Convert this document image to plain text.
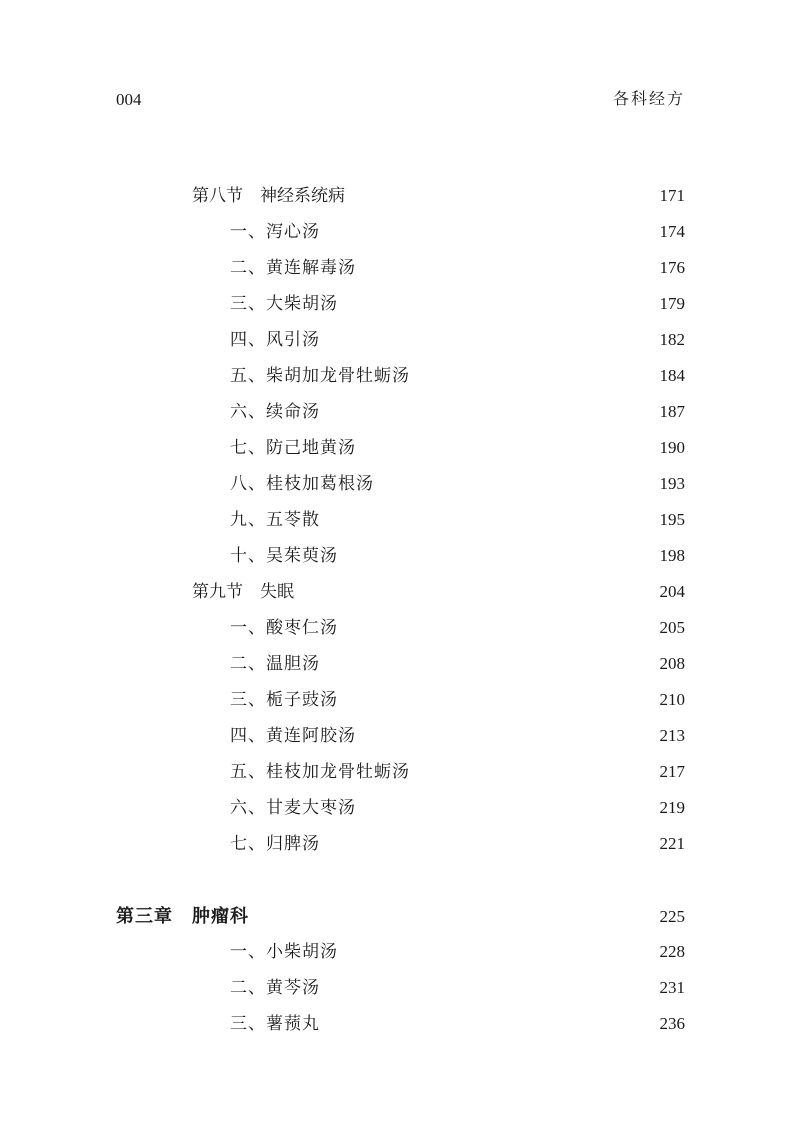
004	各科经方
第八节　神经系统病	171
一、泻心汤	174
二、黄连解毒汤	176
三、大柴胡汤	179
四、风引汤	182
五、柴胡加龙骨牡蛎汤	184
六、续命汤	187
七、防己地黄汤	190
八、桂枝加葛根汤	193
九、五苓散	195
十、吴茱萸汤	198
第九节　失眠	204
一、酸枣仁汤	205
二、温胆汤	208
三、栀子豉汤	210
四、黄连阿胶汤	213
五、桂枝加龙骨牡蛎汤	217
六、甘麦大枣汤	219
七、归脾汤	221
第三章　肿瘤科	225
一、小柴胡汤	228
二、黄芩汤	231
三、薯蓣丸	236
